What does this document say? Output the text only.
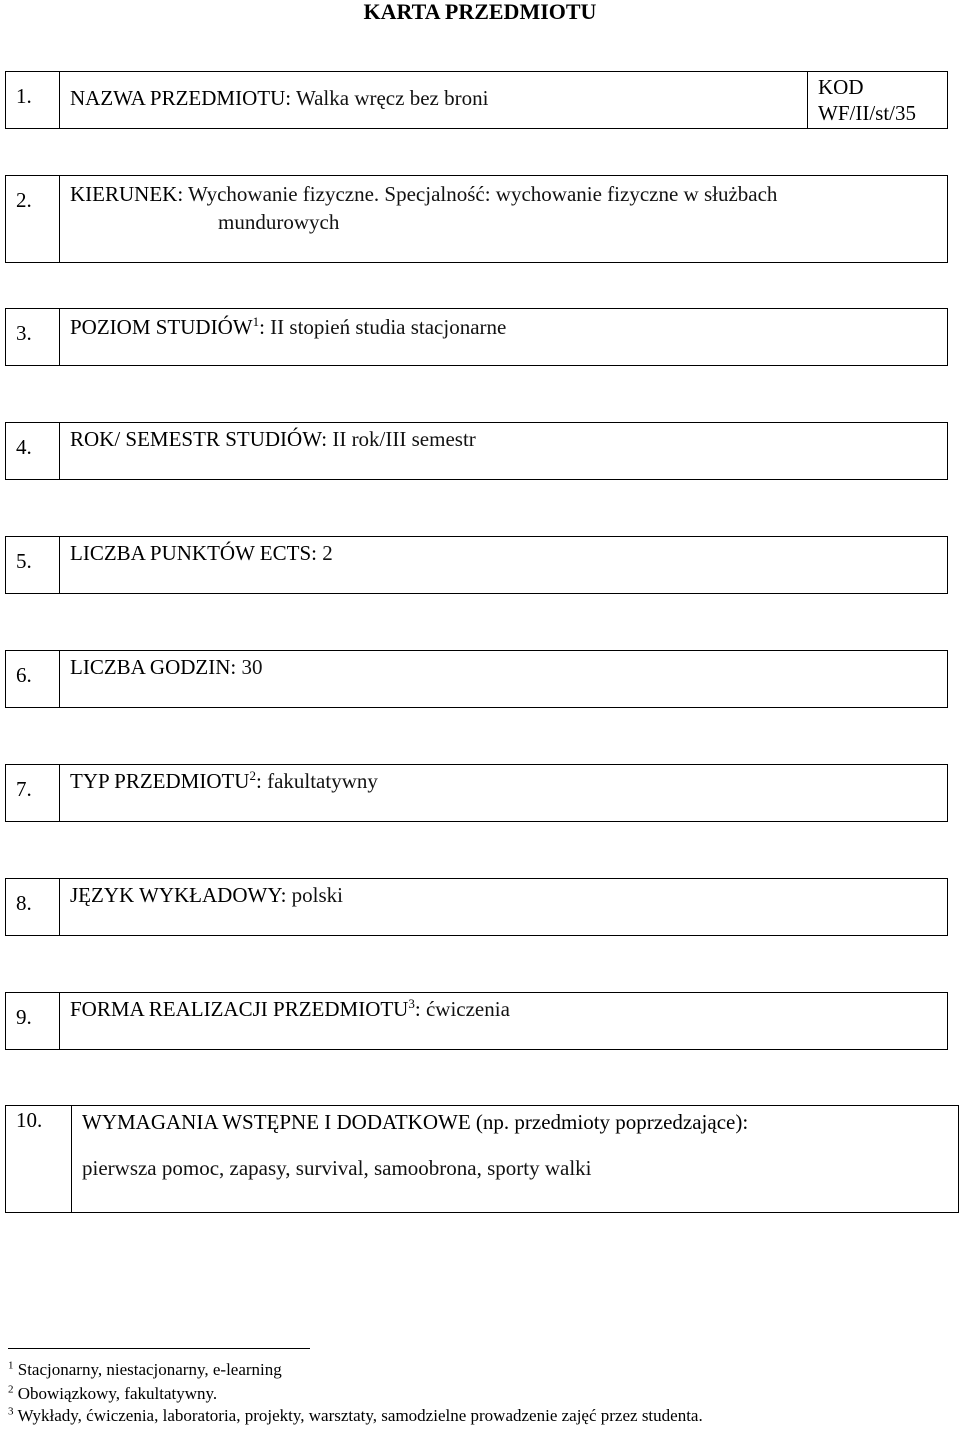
KARTA PRZEDMIOTU
1.	NAZWA PRZEDMIOTU: Walka wręcz bez broni	KOD
WF/II/st/35
2.	KIERUNEK: Wychowanie fizyczne. Specjalność: wychowanie fizyczne w służbach
mundurowych
3.	POZIOM STUDIÓW$^1$: II stopień studia stacjonarne
4.	ROK/ SEMESTR STUDIÓW: II rok/III semestr
5.	LICZBA PUNKTÓW ECTS: 2
6.	LICZBA GODZIN: 30
7.	TYP PRZEDMIOTU$^2$: fakultatywny
8.	JĘZYK WYKŁADOWY: polski
9.	FORMA REALIZACJI PRZEDMIOTU$^3$: ćwiczenia
10.	WYMAGANIA WSTĘPNE I DODATKOWE (np. przedmioty poprzedzające):
pierwsza pomoc, zapasy, survival, samoobrona, sporty walki
$^1$ Stacjonarny, niestacjonarny, e-learning
$^2$ Obowiązkowy, fakultatywny.
$^3$ Wykłady, ćwiczenia, laboratoria, projekty, warsztaty, samodzielne prowadzenie zajęć przez studenta.
